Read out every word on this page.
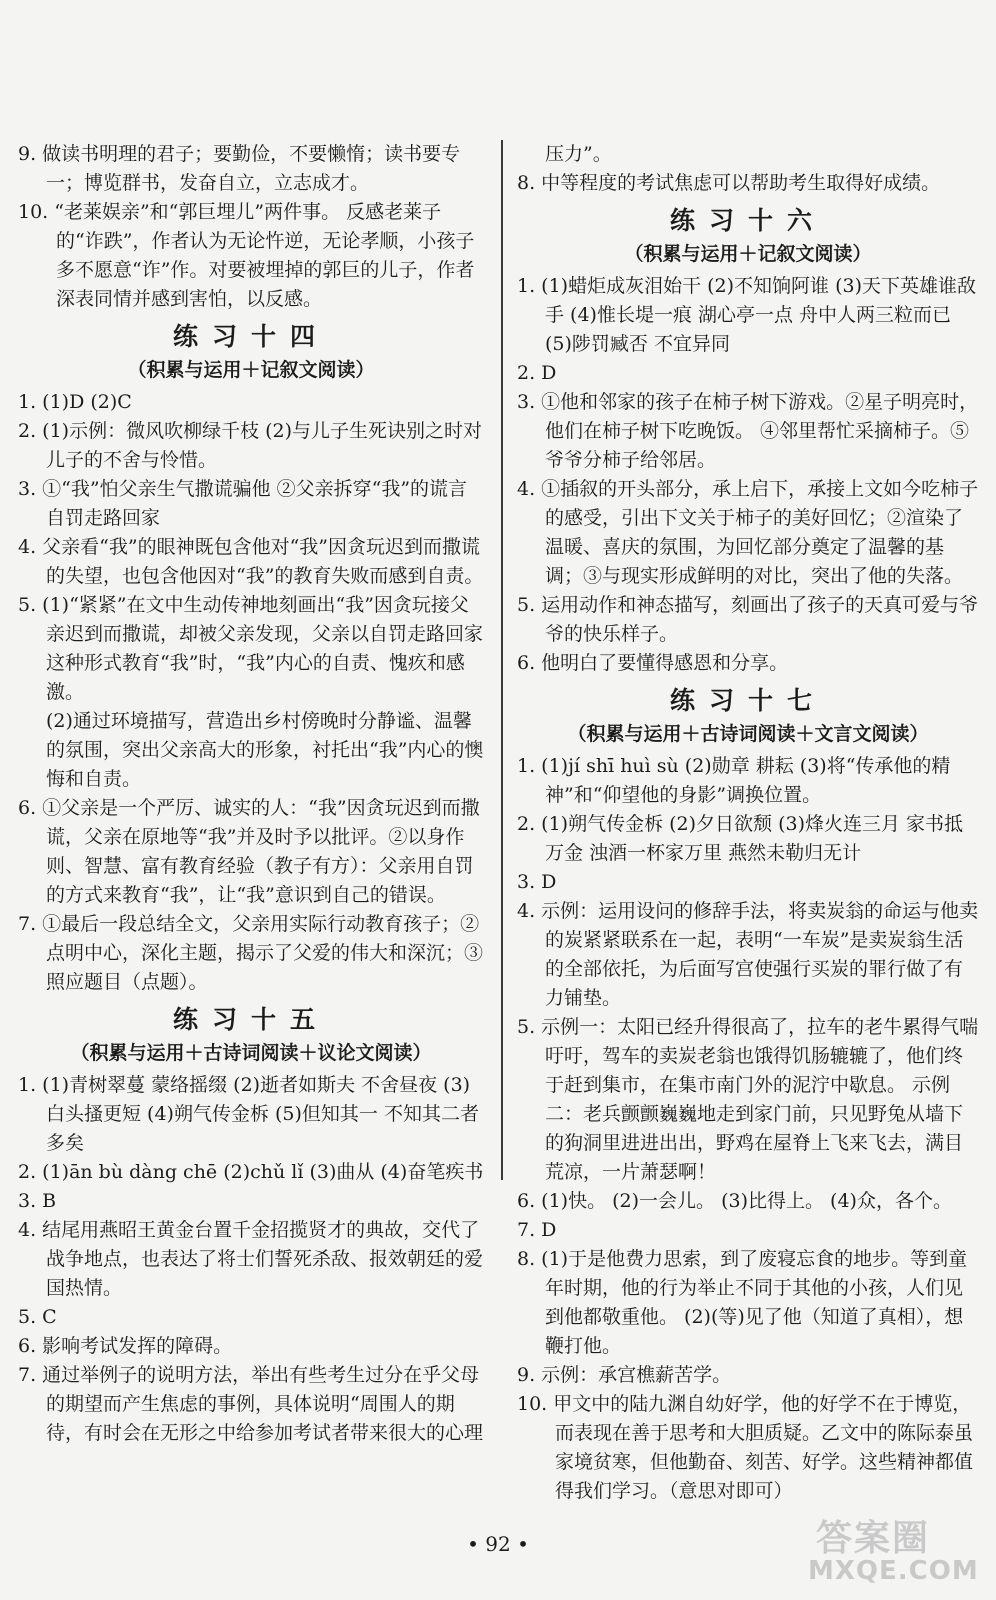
9. 做读书明理的君子；要勤俭，不要懒惰；读书要专一；博览群书，发奋自立，立志成才。

10. “老莱娱亲”和“郭巨埋儿”两件事。 反感老莱子的“诈跌”，作者认为无论忤逆，无论孝顺，小孩子多不愿意“诈”作。对要被埋掉的郭巨的儿子，作者深表同情并感到害怕，以反感。

练习十四
（积累与运用＋记叙文阅读）

1. (1)D (2)C

2. (1)示例：微风吹柳绿千枝 (2)与儿子生死诀别之时对儿子的不舍与怜惜。

3. ①“我”怕父亲生气撒谎骗他 ②父亲拆穿“我”的谎言自罚走路回家

4. 父亲看“我”的眼神既包含他对“我”因贪玩迟到而撒谎的失望，也包含他因对“我”的教育失败而感到自责。

5. (1)“紧紧”在文中生动传神地刻画出“我”因贪玩接父亲迟到而撒谎，却被父亲发现，父亲以自罚走路回家这种形式教育“我”时，“我”内心的自责、愧疚和感激。

(2)通过环境描写，营造出乡村傍晚时分静谧、温馨的氛围，突出父亲高大的形象，衬托出“我”内心的懊悔和自责。

6. ①父亲是一个严厉、诚实的人：“我”因贪玩迟到而撒谎，父亲在原地等“我”并及时予以批评。②以身作则、智慧、富有教育经验（教子有方）：父亲用自罚的方式来教育“我”，让“我”意识到自己的错误。

7. ①最后一段总结全文，父亲用实际行动教育孩子；②点明中心，深化主题，揭示了父爱的伟大和深沉；③照应题目（点题）。

练习十五
（积累与运用＋古诗词阅读＋议论文阅读）

1. (1)青树翠蔓 蒙络摇缀 (2)逝者如斯夫 不舍昼夜 (3)白头搔更短 (4)朔气传金柝 (5)但知其一 不知其二者多矣

2. (1)ān bù dàng chē (2)chǔ lǐ (3)曲从 (4)奋笔疾书

3. B

4. 结尾用燕昭王黄金台置千金招揽贤才的典故，交代了战争地点，也表达了将士们誓死杀敌、报效朝廷的爱国热情。

5. C

6. 影响考试发挥的障碍。

7. 通过举例子的说明方法，举出有些考生过分在乎父母的期望而产生焦虑的事例，具体说明“周围人的期待，有时会在无形之中给参加考试者带来很大的心理

压力”。

8. 中等程度的考试焦虑可以帮助考生取得好成绩。

练习十六
（积累与运用＋记叙文阅读）

1. (1)蜡炬成灰泪始干 (2)不知饷阿谁 (3)天下英雄谁敌手 (4)惟长堤一痕 湖心亭一点 舟中人两三粒而已 (5)陟罚臧否 不宜异同

2. D

3. ①他和邻家的孩子在柿子树下游戏。②星子明亮时，他们在柿子树下吃晚饭。 ④邻里帮忙采摘柿子。⑤爷爷分柿子给邻居。

4. ①插叙的开头部分，承上启下，承接上文如今吃柿子的感受，引出下文关于柿子的美好回忆；②渲染了温暖、喜庆的氛围，为回忆部分奠定了温馨的基调；③与现实形成鲜明的对比，突出了他的失落。

5. 运用动作和神态描写，刻画出了孩子的天真可爱与爷爷的快乐样子。

6. 他明白了要懂得感恩和分享。

练习十七
（积累与运用＋古诗词阅读＋文言文阅读）

1. (1)jí shī huì sù (2)勋章 耕耘 (3)将“传承他的精神”和“仰望他的身影”调换位置。

2. (1)朔气传金柝 (2)夕日欲颓 (3)烽火连三月 家书抵万金 浊酒一杯家万里 燕然未勒归无计

3. D

4. 示例：运用设问的修辞手法，将卖炭翁的命运与他卖的炭紧紧联系在一起，表明“一车炭”是卖炭翁生活的全部依托，为后面写宫使强行买炭的罪行做了有力铺垫。

5. 示例一：太阳已经升得很高了，拉车的老牛累得气喘吁吁，驾车的卖炭老翁也饿得饥肠辘辘了，他们终于赶到集市，在集市南门外的泥泞中歇息。 示例二：老兵颤颤巍巍地走到家门前，只见野兔从墙下的狗洞里进进出出，野鸡在屋脊上飞来飞去，满目荒凉，一片萧瑟啊！

6. (1)快。 (2)一会儿。 (3)比得上。 (4)众，各个。

7. D

8. (1)于是他费力思索，到了废寝忘食的地步。等到童年时期，他的行为举止不同于其他的小孩，人们见到他都敬重他。 (2)(等)见了他（知道了真相），想鞭打他。

9. 示例：承宫樵薪苦学。

10. 甲文中的陆九渊自幼好学，他的好学不在于博览，而表现在善于思考和大胆质疑。乙文中的陈际泰虽家境贫寒，但他勤奋、刻苦、好学。这些精神都值得我们学习。（意思对即可）

• 92 •	答案圈
MXQE.COM
